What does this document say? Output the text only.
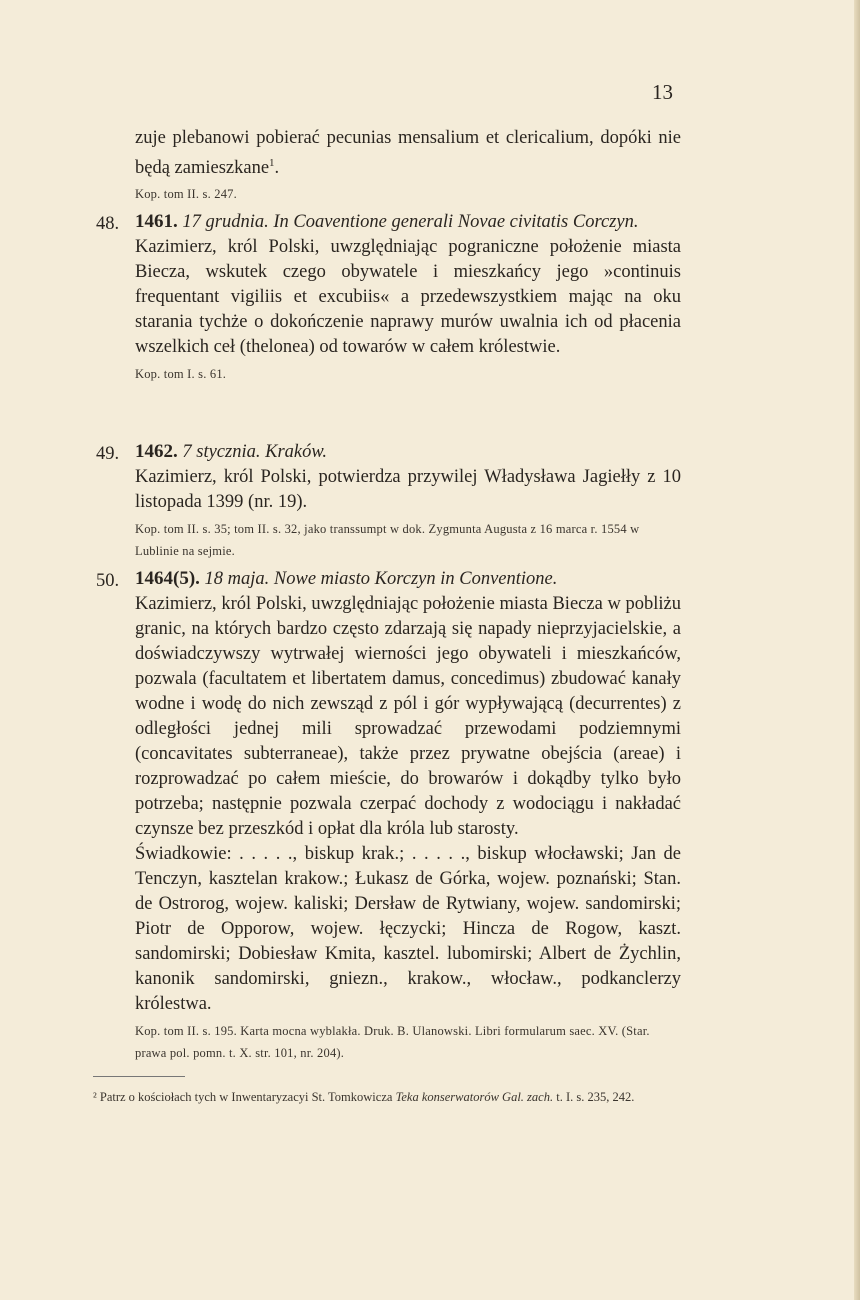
13
zuje plebanowi pobierać pecunias mensalium et clericalium, dopóki nie będą zamieszkane$^1$.
Kop. tom II. s. 247.
48. 1461. 17 grudnia. In Coaventione generali Novae civitatis Corczyn.
Kazimierz, król Polski, uwzględniając pograniczne położenie miasta Biecza, wskutek czego obywatele i mieszkańcy jego »continuis frequentant vigiliis et excubiis« a przedewszystkiem mając na oku starania tychże o dokończenie naprawy murów uwalnia ich od płacenia wszelkich ceł (thelonea) od towarów w całem królestwie.
Kop. tom I. s. 61.
49. 1462. 7 stycznia. Kraków.
Kazimierz, król Polski, potwierdza przywilej Władysława Jagiełły z 10 listopada 1399 (nr. 19).
Kop. tom II. s. 35; tom II. s. 32, jako transsumpt w dok. Zygmunta Augusta z 16 marca r. 1554 w Lublinie na sejmie.
50. 1464(5). 18 maja. Nowe miasto Korczyn in Conventione.
Kazimierz, król Polski, uwzględniając położenie miasta Biecza w pobliżu granic, na których bardzo często zdarzają się napady nieprzyjacielskie, a doświadczywszy wytrwałej wierności jego obywateli i mieszkańców, pozwala (facultatem et libertatem damus, concedimus) zbudować kanały wodne i wodę do nich zewsząd z pól i gór wypływającą (decurrentes) z odległości jednej mili sprowadzać przewodami podziemnymi (concavitates subterraneae), także przez prywatne obejścia (areae) i rozprowadzać po całem mieście, do browarów i dokądby tylko było potrzeba; następnie pozwala czerpać dochody z wodociągu i nakładać czynsze bez przeszkód i opłat dla króla lub starosty.
Świadkowie: . . . . ., biskup krak.; . . . . ., biskup włocławski; Jan de Tenczyn, kasztelan krakow.; Łukasz de Górka, wojew. poznański; Stan. de Ostrorog, wojew. kaliski; Dersław de Rytwiany, wojew. sandomirski; Piotr de Opporow, wojew. łęczycki; Hincza de Rogow, kaszt. sandomirski; Dobiesław Kmita, kasztel. lubomirski; Albert de Żychlin, kanonik sandomirski, gniezn., krakow., włocław., podkanclerzy królestwa.
Kop. tom II. s. 195. Karta mocna wyblakła. Druk. B. Ulanowski. Libri formularum saec. XV. (Star. prawa pol. pomn. t. X. str. 101, nr. 204).
² Patrz o kościołach tych w Inwentaryzacyi St. Tomkowicza Teka konserwatorów Gal. zach. t. I. s. 235, 242.
